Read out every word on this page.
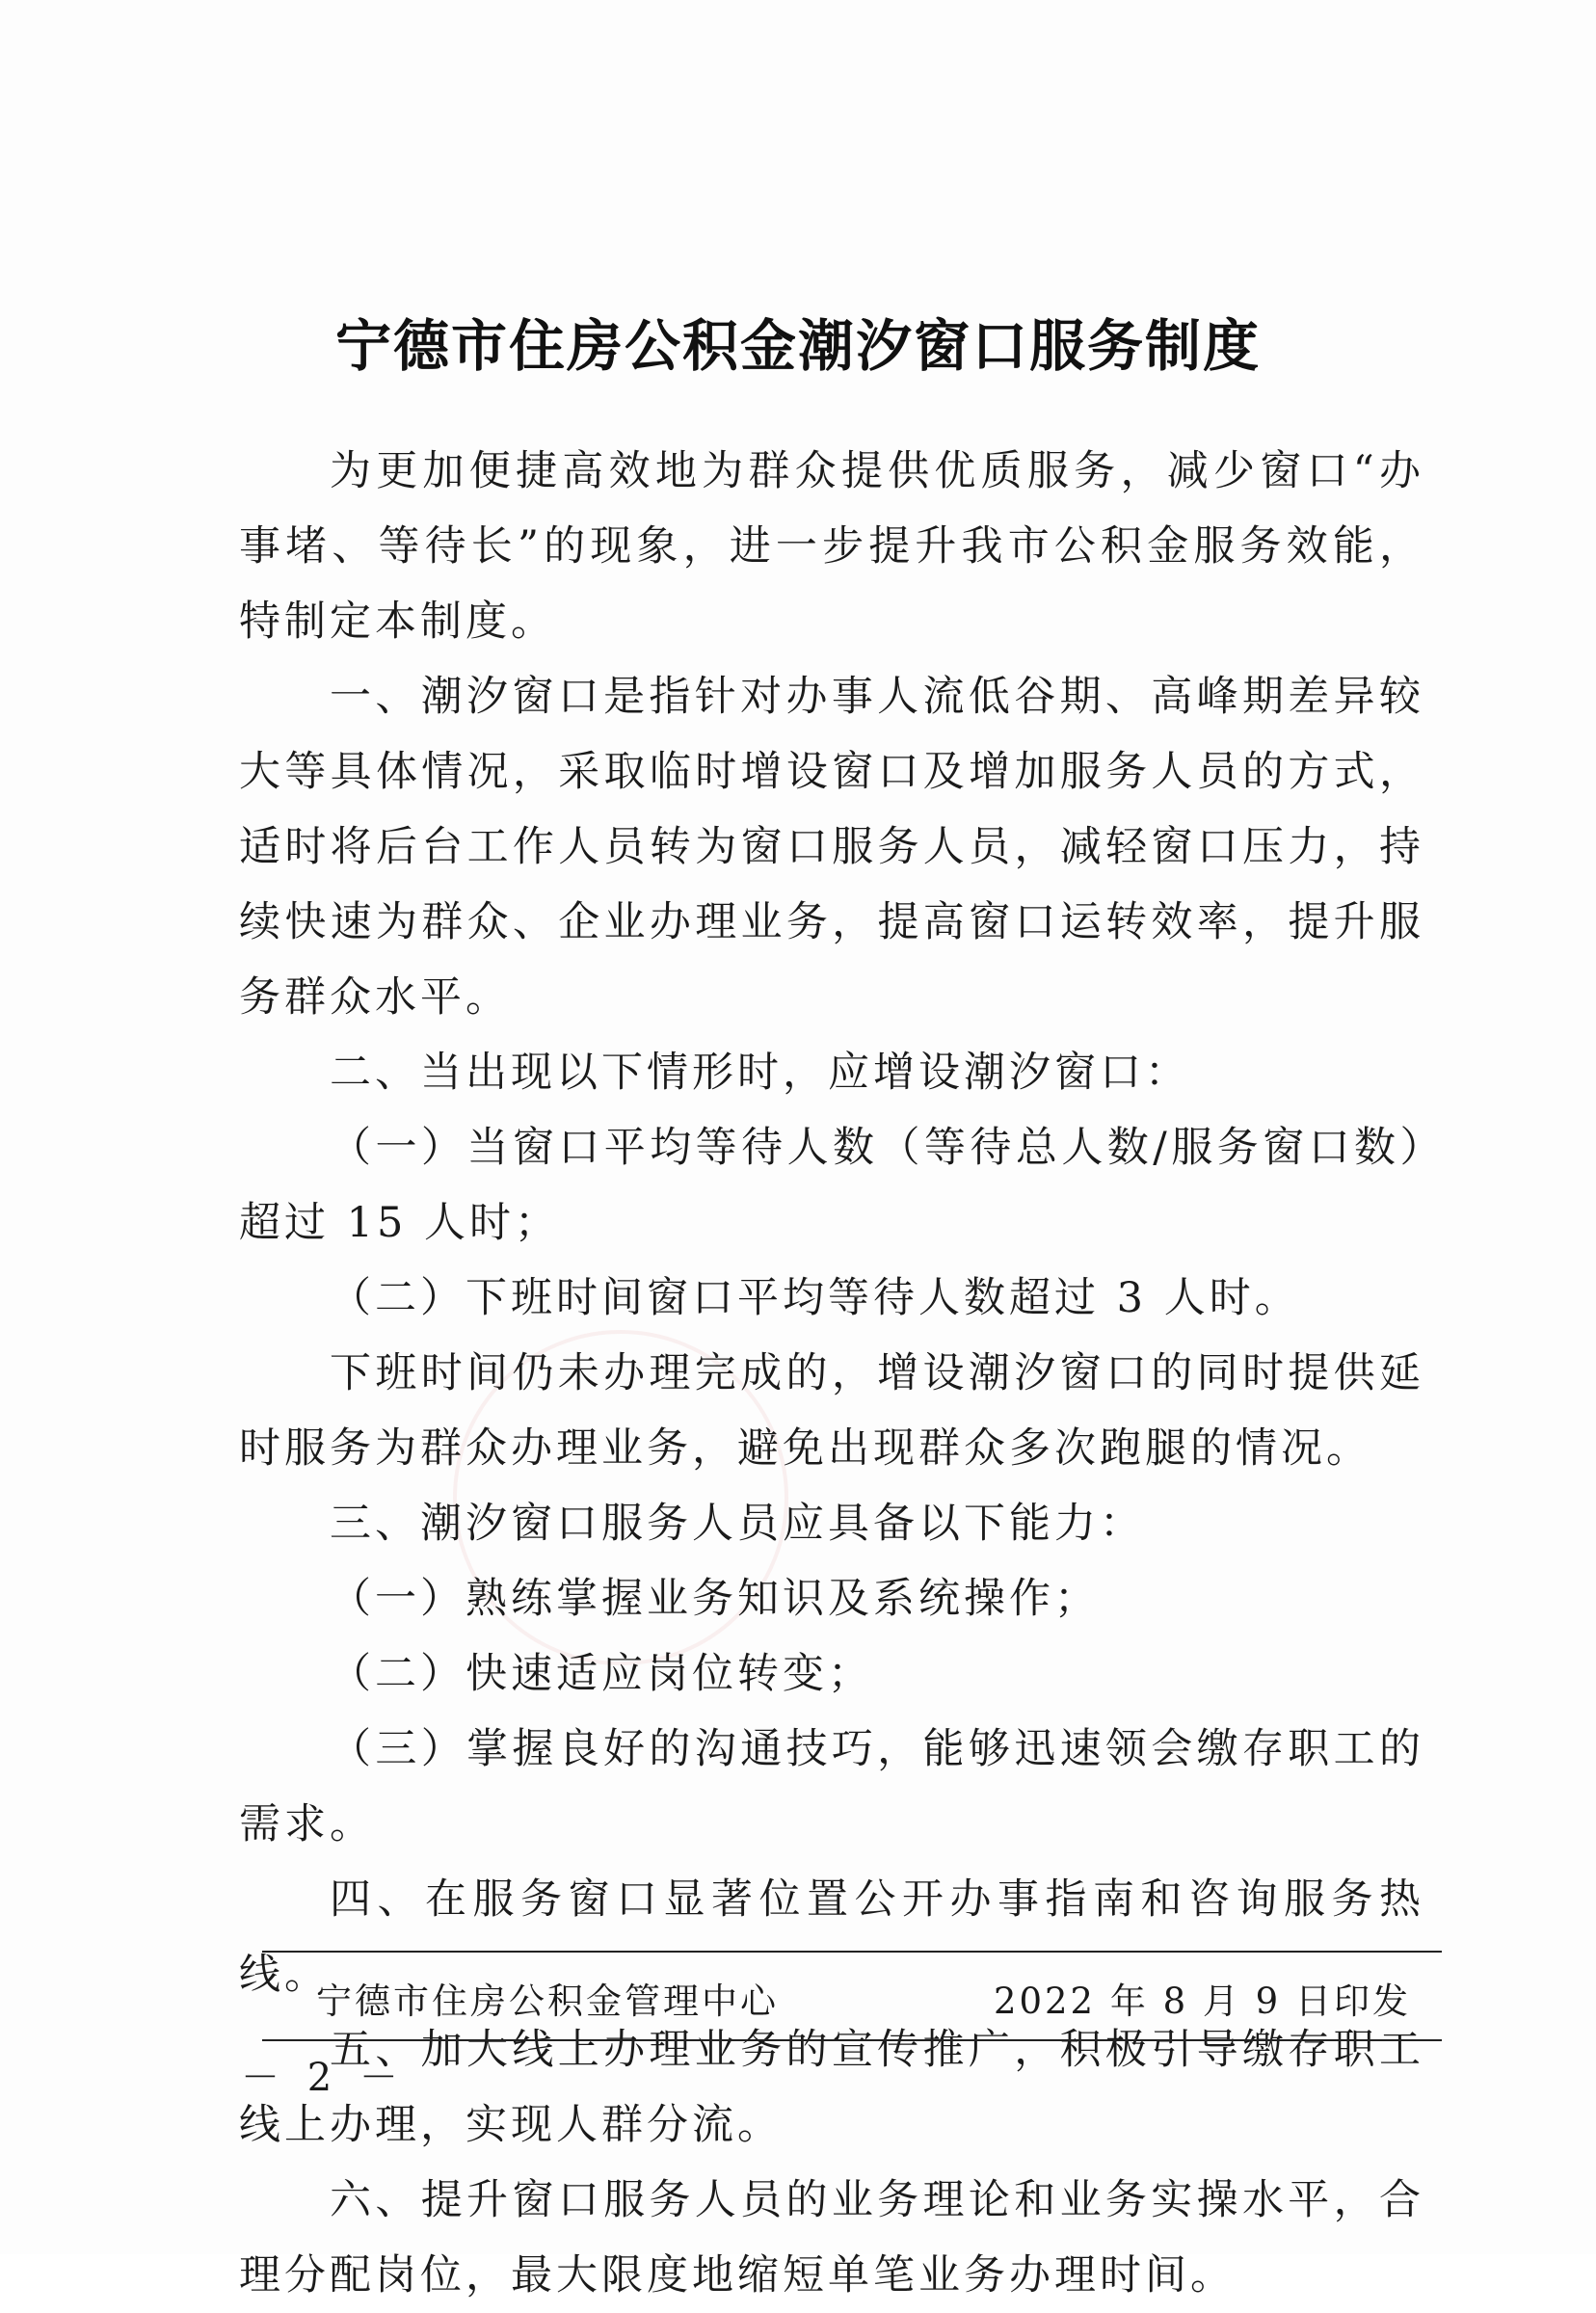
宁德市住房公积金潮汐窗口服务制度

为更加便捷高效地为群众提供优质服务，减少窗口“办事堵、等待长”的现象，进一步提升我市公积金服务效能，特制定本制度。

一、潮汐窗口是指针对办事人流低谷期、高峰期差异较大等具体情况，采取临时增设窗口及增加服务人员的方式，适时将后台工作人员转为窗口服务人员，减轻窗口压力，持续快速为群众、企业办理业务，提高窗口运转效率，提升服务群众水平。

二、当出现以下情形时，应增设潮汐窗口：

（一）当窗口平均等待人数（等待总人数/服务窗口数）超过 15 人时；

（二）下班时间窗口平均等待人数超过 3 人时。

下班时间仍未办理完成的，增设潮汐窗口的同时提供延时服务为群众办理业务，避免出现群众多次跑腿的情况。

三、潮汐窗口服务人员应具备以下能力：

（一）熟练掌握业务知识及系统操作；

（二）快速适应岗位转变；

（三）掌握良好的沟通技巧，能够迅速领会缴存职工的需求。

四、在服务窗口显著位置公开办事指南和咨询服务热线。

五、加大线上办理业务的宣传推广，积极引导缴存职工线上办理，实现人群分流。

六、提升窗口服务人员的业务理论和业务实操水平，合理分配岗位，最大限度地缩短单笔业务办理时间。

宁德市住房公积金管理中心	2022 年 8 月 9 日印发
－ 2 －
